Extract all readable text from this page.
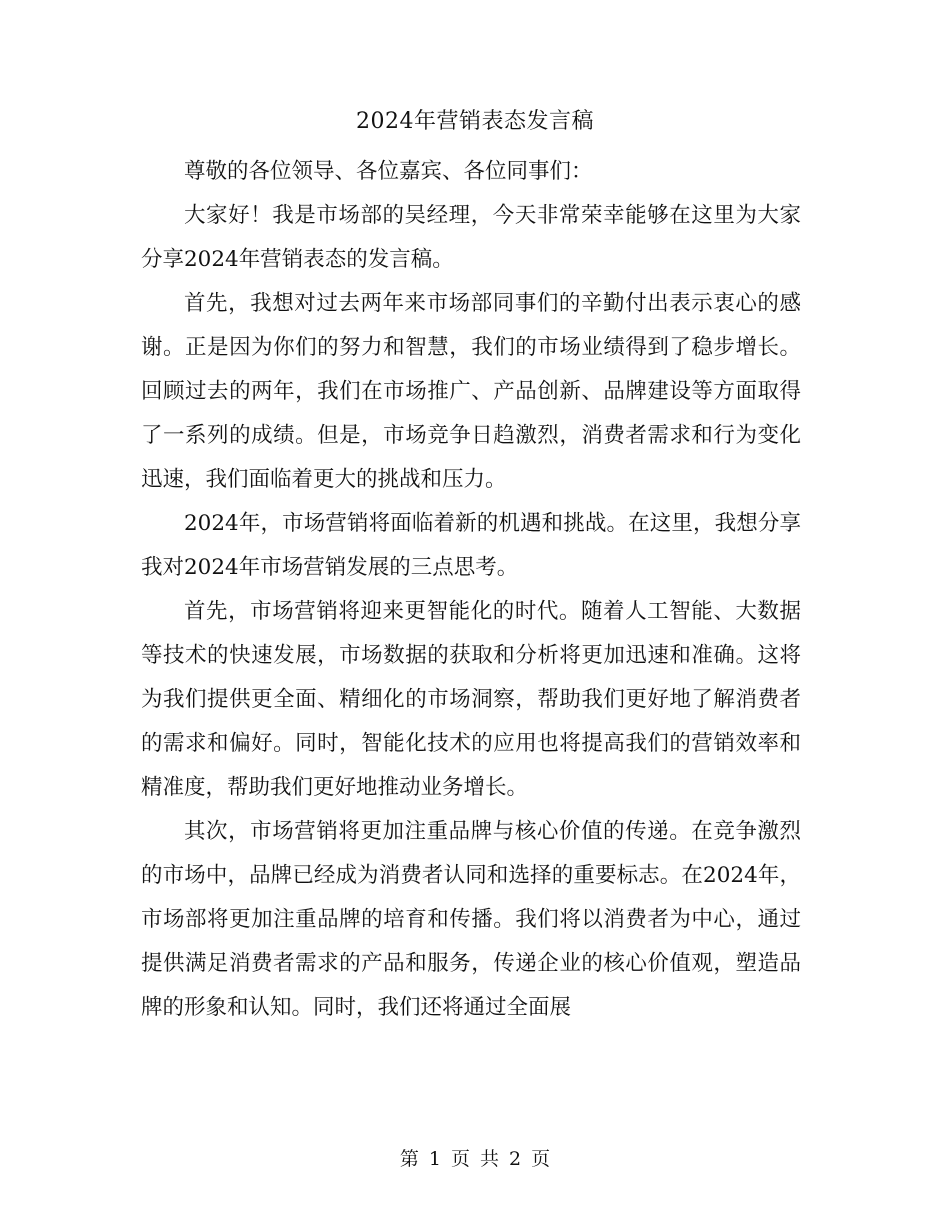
2024年营销表态发言稿

尊敬的各位领导、各位嘉宾、各位同事们：

大家好！我是市场部的吴经理，今天非常荣幸能够在这里为大家分享2024年营销表态的发言稿。

首先，我想对过去两年来市场部同事们的辛勤付出表示衷心的感谢。正是因为你们的努力和智慧，我们的市场业绩得到了稳步增长。回顾过去的两年，我们在市场推广、产品创新、品牌建设等方面取得了一系列的成绩。但是，市场竞争日趋激烈，消费者需求和行为变化迅速，我们面临着更大的挑战和压力。

2024年，市场营销将面临着新的机遇和挑战。在这里，我想分享我对2024年市场营销发展的三点思考。

首先，市场营销将迎来更智能化的时代。随着人工智能、大数据等技术的快速发展，市场数据的获取和分析将更加迅速和准确。这将为我们提供更全面、精细化的市场洞察，帮助我们更好地了解消费者的需求和偏好。同时，智能化技术的应用也将提高我们的营销效率和精准度，帮助我们更好地推动业务增长。

其次，市场营销将更加注重品牌与核心价值的传递。在竞争激烈的市场中，品牌已经成为消费者认同和选择的重要标志。在2024年，市场部将更加注重品牌的培育和传播。我们将以消费者为中心，通过提供满足消费者需求的产品和服务，传递企业的核心价值观，塑造品牌的形象和认知。同时，我们还将通过全面展

第 1 页 共 2 页
